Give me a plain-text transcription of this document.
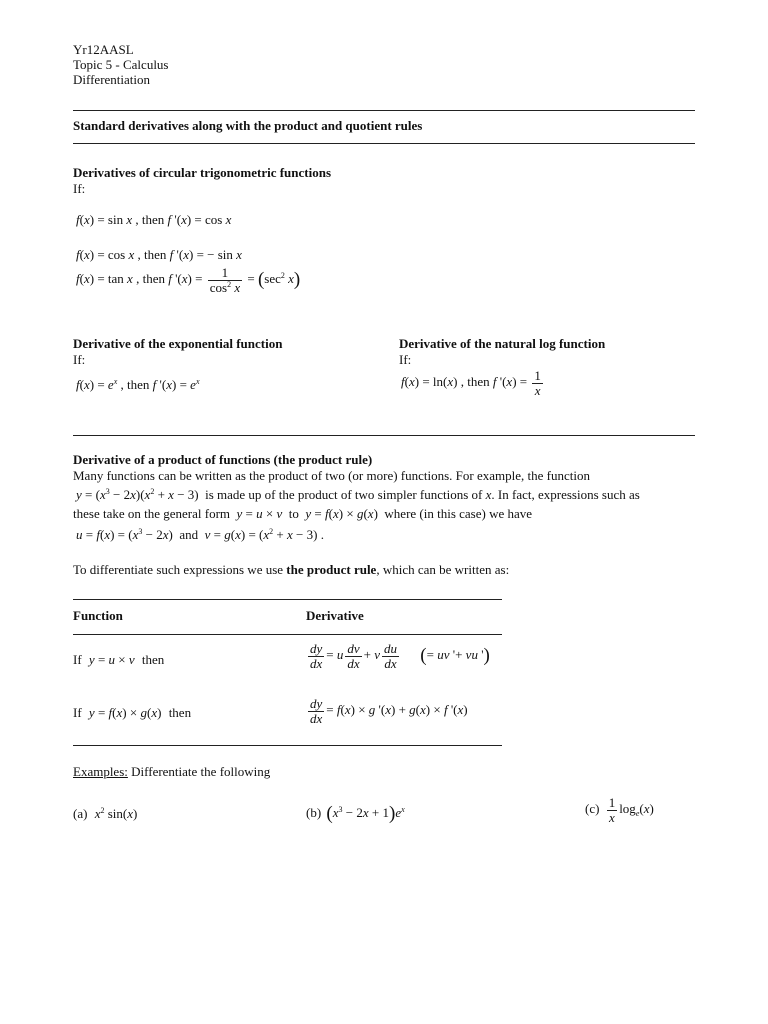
Yr12AASL
Topic 5 - Calculus
Differentiation
Standard derivatives along with the product and quotient rules
Derivatives of circular trigonometric functions
If:
f(x) = sin x , then f '(x) = cos x
f(x) = cos x , then f '(x) = − sin x
f(x) = tan x , then f '$(x) = \frac{1}{\cos^2 x} = (\sec^2$ x)
Derivative of the exponential function
If:
$f(x) = e^x$ , then f '$(x) = e^x$
Derivative of the natural log function
If:
f(x) = ln(x) , then f '$(x) = \frac{1}{x}$
Derivative of a product of functions (the product rule)
Many functions can be written as the product of two (or more) functions. For example, the function
$y = (x^3 - 2x)(x^2 + x - 3)$ is made up of the product of two simpler functions of x. In fact, expressions such as
these take on the general form y = u × v to y = f(x) × g(x) where (in this case) we have
$u = f(x) = (x^3 - 2x)$ and $v = g(x) = (x^2 + x - 3)$ .
To differentiate such expressions we use the product rule, which can be written as:
Function	Derivative
If y = u × v then	$\frac{dy}{dx} = u \frac{dv}{dx} + v \frac{du}{dx}$ (= uv '+ vu ')
If y = f(x) × g(x) then	$\frac{dy}{dx} = f(x) \times g$ '(x) + g(x) × f '(x)
Examples: Differentiate the following
(a) $x^2$ sin(x)	(b) $(x^3 - 2x + 1)e^x$	$(c) \frac{1}{x} \log_e(x)$
